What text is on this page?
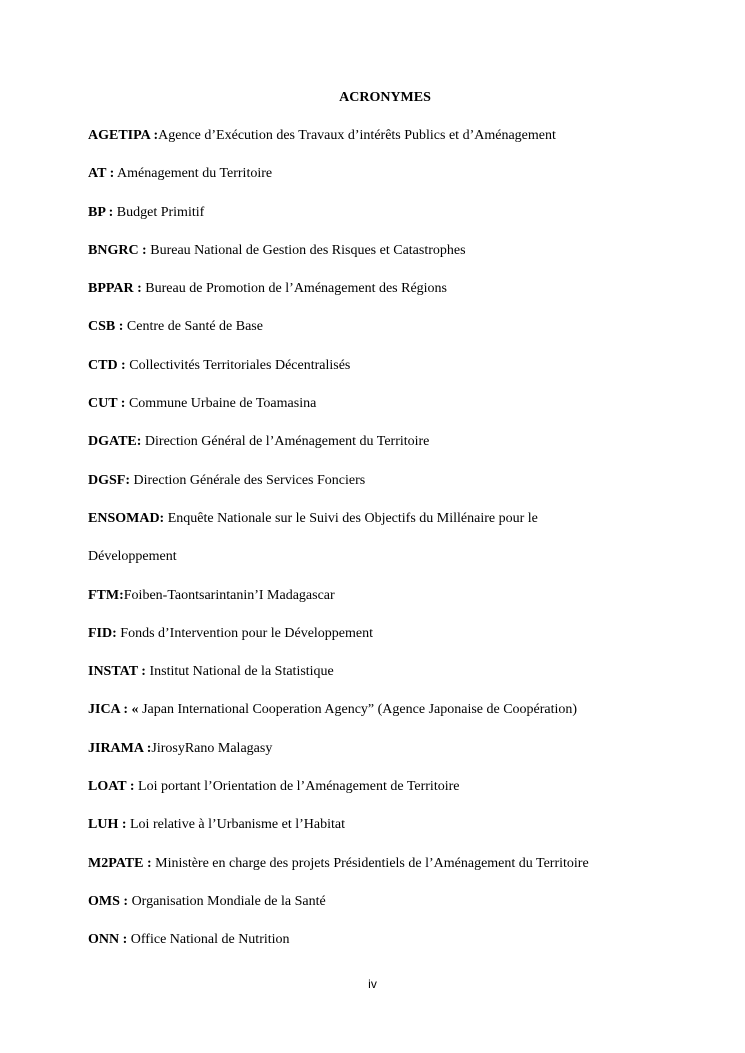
ACRONYMES
AGETIPA :Agence d’Exécution des Travaux d’intérêts Publics et d’Aménagement
AT : Aménagement du Territoire
BP : Budget Primitif
BNGRC : Bureau National de Gestion des Risques et Catastrophes
BPPAR : Bureau de Promotion de l’Aménagement des Régions
CSB : Centre de Santé de Base
CTD : Collectivités Territoriales Décentralisés
CUT : Commune Urbaine de Toamasina
DGATE: Direction Général de l’Aménagement du Territoire
DGSF: Direction Générale des Services Fonciers
ENSOMAD: Enquête Nationale sur le Suivi des Objectifs du Millénaire pour le
Développement
FTM:Foiben-Taontsarintanin’I Madagascar
FID: Fonds d’Intervention pour le Développement
INSTAT : Institut National de la Statistique
JICA : « Japan International Cooperation Agency” (Agence Japonaise de Coopération)
JIRAMA :JirosyRano Malagasy
LOAT : Loi portant l’Orientation de l’Aménagement de Territoire
LUH : Loi relative à l’Urbanisme et l’Habitat
M2PATE : Ministère en charge des projets Présidentiels de l’Aménagement du Territoire
OMS : Organisation Mondiale de la Santé
ONN : Office National de Nutrition
iv
